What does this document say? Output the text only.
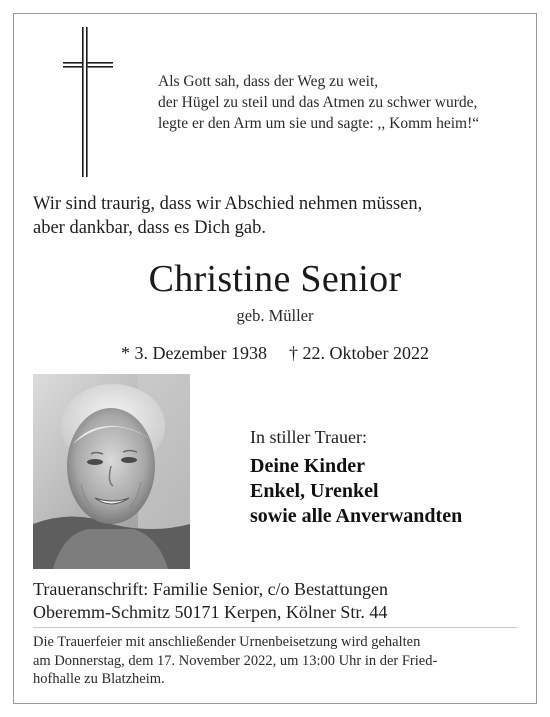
Als Gott sah, dass der Weg zu weit,
der Hügel zu steil und das Atmen zu schwer wurde,
legte er den Arm um sie und sagte: ,, Komm heim!“
Wir sind traurig, dass wir Abschied nehmen müssen,
aber dankbar, dass es Dich gab.
Christine Senior
geb. Müller
* 3. Dezember 1938 † 22. Oktober 2022
In stiller Trauer:
Deine Kinder
Enkel, Urenkel
sowie alle Anverwandten
Traueranschrift: Familie Senior, c/o Bestattungen
Oberemm-Schmitz 50171 Kerpen, Kölner Str. 44
Die Trauerfeier mit anschließender Urnenbeisetzung wird gehalten
am Donnerstag, dem 17. November 2022, um 13:00 Uhr in der Fried-
hofhalle zu Blatzheim.
